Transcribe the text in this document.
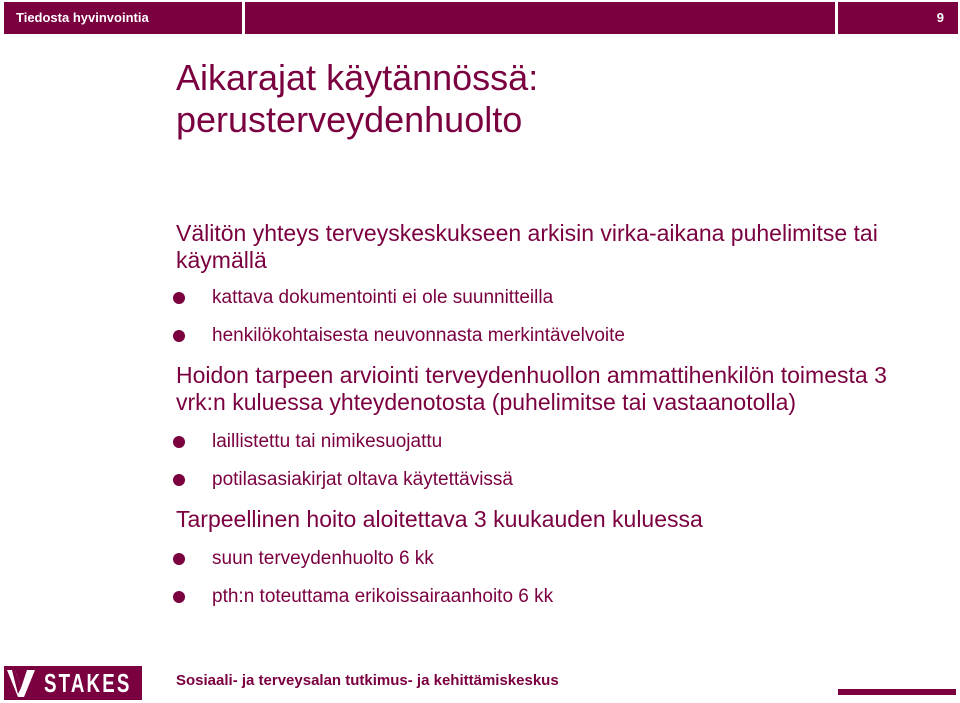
Tiedosta hyvinvointia	9
Aikarajat käytännössä:
perusterveydenhuolto

Välitön yhteys terveyskeskukseen arkisin virka-aikana puhelimitse tai käymällä

kattava dokumentointi ei ole suunnitteilla
henkilökohtaisesta neuvonnasta merkintävelvoite

Hoidon tarpeen arviointi terveydenhuollon ammattihenkilön toimesta 3 vrk:n kuluessa yhteydenotosta (puhelimitse tai vastaanotolla)

laillistettu tai nimikesuojattu
potilasasiakirjat oltava käytettävissä

Tarpeellinen hoito aloitettava 3 kuukauden kuluessa

suun terveydenhuolto 6 kk
pth:n toteuttama erikoissairaanhoito 6 kk
STAKES	Sosiaali- ja terveysalan tutkimus- ja kehittämiskeskus
